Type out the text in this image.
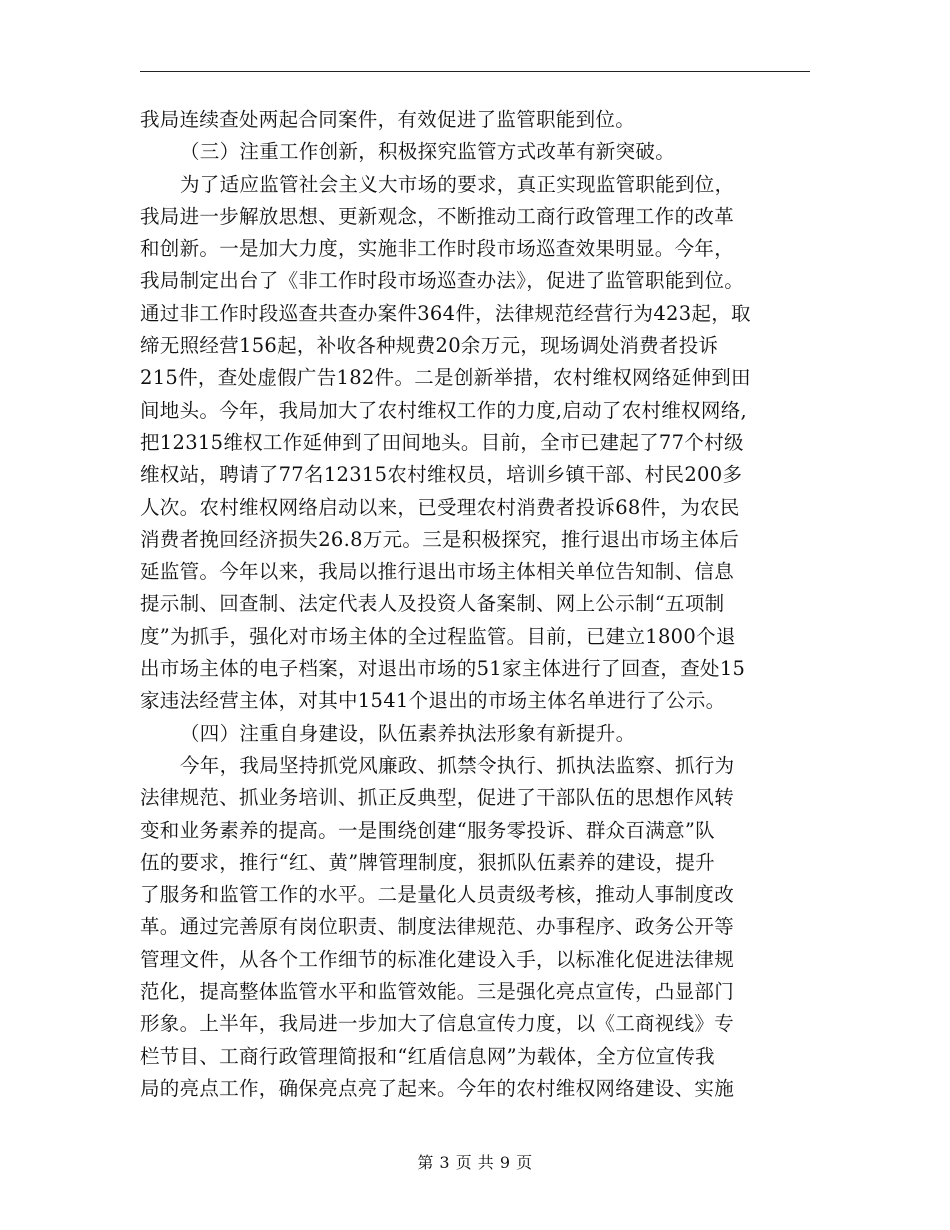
我局连续查处两起合同案件，有效促进了监管职能到位。
（三）注重工作创新，积极探究监管方式改革有新突破。
为了适应监管社会主义大市场的要求，真正实现监管职能到位，
我局进一步解放思想、更新观念，不断推动工商行政管理工作的改革
和创新。一是加大力度，实施非工作时段市场巡查效果明显。今年，
我局制定出台了《非工作时段市场巡查办法》，促进了监管职能到位。
通过非工作时段巡查共查办案件364件，法律规范经营行为423起，取
缔无照经营156起，补收各种规费20余万元，现场调处消费者投诉
215件，查处虚假广告182件。二是创新举措，农村维权网络延伸到田
间地头。今年，我局加大了农村维权工作的力度,启动了农村维权网络,
把12315维权工作延伸到了田间地头。目前，全市已建起了77个村级
维权站，聘请了77名12315农村维权员，培训乡镇干部、村民200多
人次。农村维权网络启动以来，已受理农村消费者投诉68件，为农民
消费者挽回经济损失26.8万元。三是积极探究，推行退出市场主体后
延监管。今年以来，我局以推行退出市场主体相关单位告知制、信息
提示制、回查制、法定代表人及投资人备案制、网上公示制“五项制
度”为抓手，强化对市场主体的全过程监管。目前，已建立1800个退
出市场主体的电子档案，对退出市场的51家主体进行了回查，查处15
家违法经营主体，对其中1541个退出的市场主体名单进行了公示。
（四）注重自身建设，队伍素养执法形象有新提升。
今年，我局坚持抓党风廉政、抓禁令执行、抓执法监察、抓行为
法律规范、抓业务培训、抓正反典型，促进了干部队伍的思想作风转
变和业务素养的提高。一是围绕创建“服务零投诉、群众百满意”队
伍的要求，推行“红、黄”牌管理制度，狠抓队伍素养的建设，提升
了服务和监管工作的水平。二是量化人员责级考核，推动人事制度改
革。通过完善原有岗位职责、制度法律规范、办事程序、政务公开等
管理文件，从各个工作细节的标准化建设入手，以标准化促进法律规
范化，提高整体监管水平和监管效能。三是强化亮点宣传，凸显部门
形象。上半年，我局进一步加大了信息宣传力度，以《工商视线》专
栏节目、工商行政管理简报和“红盾信息网”为载体，全方位宣传我
局的亮点工作，确保亮点亮了起来。今年的农村维权网络建设、实施
第 3 页 共 9 页
